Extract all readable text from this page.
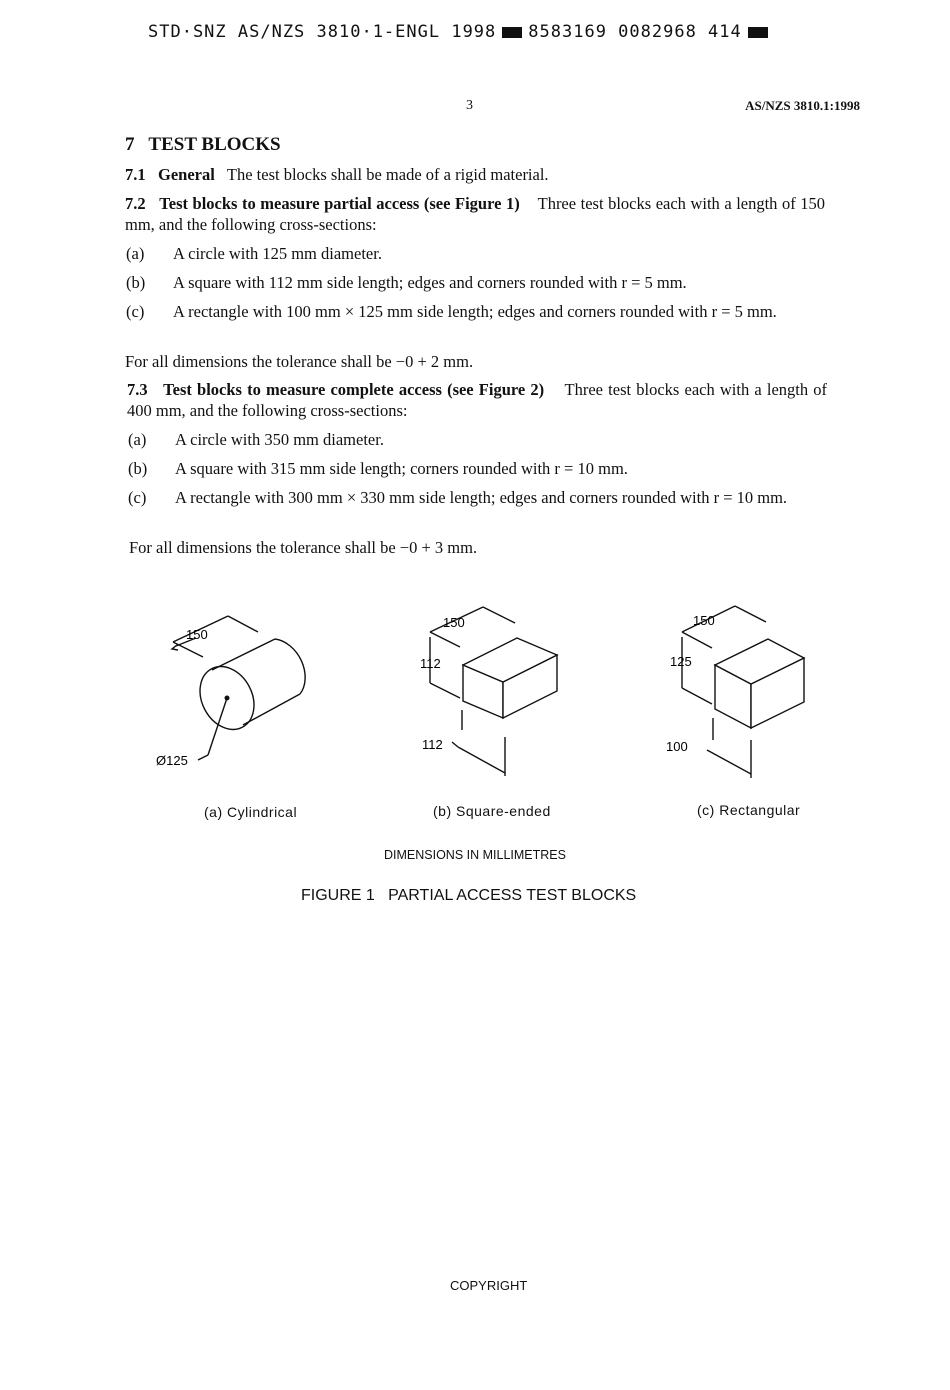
STD·SNZ AS/NZS 3810·1-ENGL 1998 8583169 0082968 414
3	AS/NZS 3810.1:1998
7 TEST BLOCKS
7.1 General The test blocks shall be made of a rigid material.
7.2 Test blocks to measure partial access (see Figure 1) Three test blocks each with a length of 150 mm, and the following cross-sections:
(a) A circle with 125 mm diameter.
(b) A square with 112 mm side length; edges and corners rounded with r = 5 mm.
(c) A rectangle with 100 mm × 125 mm side length; edges and corners rounded with r = 5 mm.
For all dimensions the tolerance shall be −0 + 2 mm.
7.3 Test blocks to measure complete access (see Figure 2) Three test blocks each with a length of 400 mm, and the following cross-sections:
(a) A circle with 350 mm diameter.
(b) A square with 315 mm side length; corners rounded with r = 10 mm.
(c) A rectangle with 300 mm × 330 mm side length; edges and corners rounded with r = 10 mm.
For all dimensions the tolerance shall be −0 + 3 mm.
150
Ø125
150
112
112
150
125
100
(a) Cylindrical	(b) Square-ended	(c) Rectangular
DIMENSIONS IN MILLIMETRES
FIGURE 1   PARTIAL ACCESS TEST BLOCKS
COPYRIGHT
